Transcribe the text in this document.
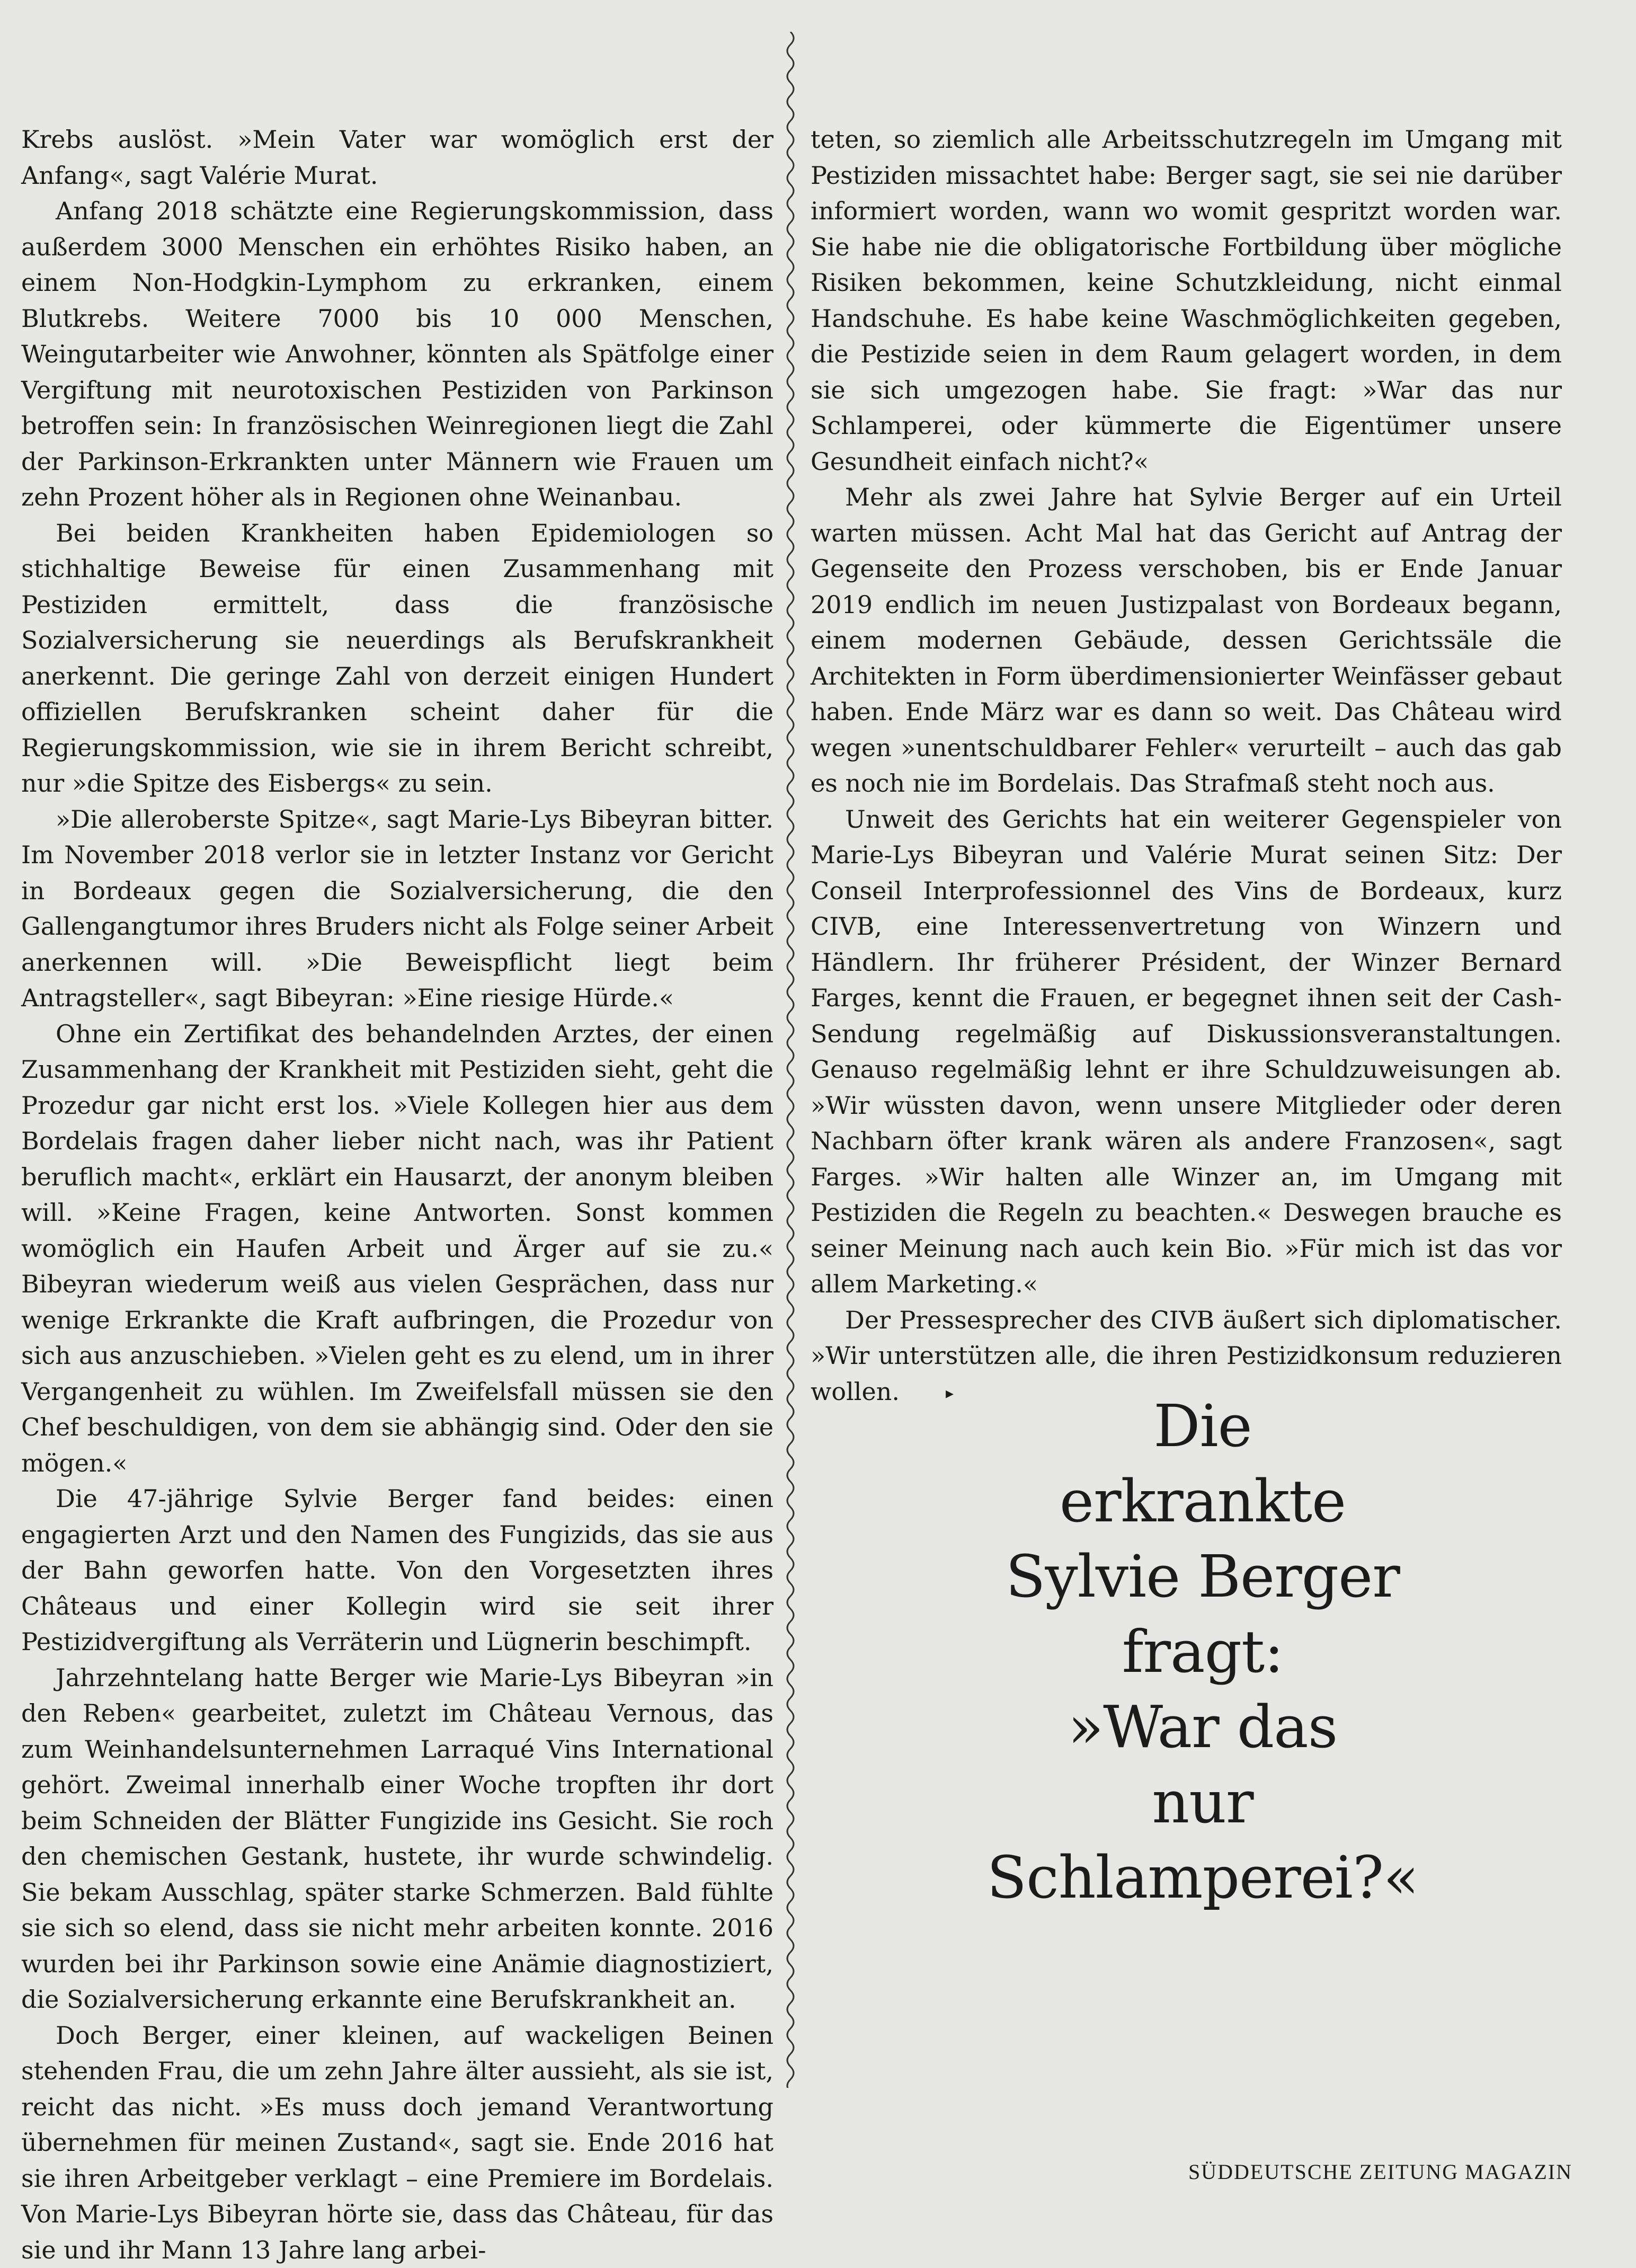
Krebs auslöst. »Mein Vater war womöglich erst der Anfang«, sagt Valérie Murat.

Anfang 2018 schätzte eine Regierungskommission, dass außerdem 3000 Menschen ein erhöhtes Risiko haben, an einem Non-Hodgkin-Lymphom zu erkranken, einem Blutkrebs. Weitere 7000 bis 10 000 Menschen, Weingutarbeiter wie Anwohner, könnten als Spätfolge einer Vergiftung mit neurotoxischen Pestiziden von Parkinson betroffen sein: In französischen Weinregionen liegt die Zahl der Parkinson-Erkrankten unter Männern wie Frauen um zehn Prozent höher als in Regionen ohne Weinanbau.

Bei beiden Krankheiten haben Epidemiologen so stichhaltige Beweise für einen Zusammenhang mit Pestiziden ermittelt, dass die französische Sozialversicherung sie neuerdings als Berufskrankheit anerkennt. Die geringe Zahl von derzeit einigen Hundert offiziellen Berufskranken scheint daher für die Regierungskommission, wie sie in ihrem Bericht schreibt, nur »die Spitze des Eisbergs« zu sein.

»Die alleroberste Spitze«, sagt Marie-Lys Bibeyran bitter. Im November 2018 verlor sie in letzter Instanz vor Gericht in Bordeaux gegen die Sozialversicherung, die den Gallengangtumor ihres Bruders nicht als Folge seiner Arbeit anerkennen will. »Die Beweispflicht liegt beim Antragsteller«, sagt Bibeyran: »Eine riesige Hürde.«

Ohne ein Zertifikat des behandelnden Arztes, der einen Zusammenhang der Krankheit mit Pestiziden sieht, geht die Prozedur gar nicht erst los. »Viele Kollegen hier aus dem Bordelais fragen daher lieber nicht nach, was ihr Patient beruflich macht«, erklärt ein Hausarzt, der anonym bleiben will. »Keine Fragen, keine Antworten. Sonst kommen womöglich ein Haufen Arbeit und Ärger auf sie zu.« Bibeyran wiederum weiß aus vielen Gesprächen, dass nur wenige Erkrankte die Kraft aufbringen, die Prozedur von sich aus anzuschieben. »Vielen geht es zu elend, um in ihrer Vergangenheit zu wühlen. Im Zweifelsfall müssen sie den Chef beschuldigen, von dem sie abhängig sind. Oder den sie mögen.«

Die 47-jährige Sylvie Berger fand beides: einen engagierten Arzt und den Namen des Fungizids, das sie aus der Bahn geworfen hatte. Von den Vorgesetzten ihres Châteaus und einer Kollegin wird sie seit ihrer Pestizidvergiftung als Verräterin und Lügnerin beschimpft.

Jahrzehntelang hatte Berger wie Marie-Lys Bibeyran »in den Reben« gearbeitet, zuletzt im Château Vernous, das zum Weinhandelsunternehmen Larraqué Vins International gehört. Zweimal innerhalb einer Woche tropften ihr dort beim Schneiden der Blätter Fungizide ins Gesicht. Sie roch den chemischen Gestank, hustete, ihr wurde schwindelig. Sie bekam Ausschlag, später starke Schmerzen. Bald fühlte sie sich so elend, dass sie nicht mehr arbeiten konnte. 2016 wurden bei ihr Parkinson sowie eine Anämie diagnostiziert, die Sozialversicherung erkannte eine Berufskrankheit an.

Doch Berger, einer kleinen, auf wackeligen Beinen stehenden Frau, die um zehn Jahre älter aussieht, als sie ist, reicht das nicht. »Es muss doch jemand Verantwortung übernehmen für meinen Zustand«, sagt sie. Ende 2016 hat sie ihren Arbeitgeber verklagt – eine Premiere im Bordelais. Von Marie-Lys Bibeyran hörte sie, dass das Château, für das sie und ihr Mann 13 Jahre lang arbei-

teten, so ziemlich alle Arbeitsschutzregeln im Umgang mit Pestiziden missachtet habe: Berger sagt, sie sei nie darüber informiert worden, wann wo womit gespritzt worden war. Sie habe nie die obligatorische Fortbildung über mögliche Risiken bekommen, keine Schutzkleidung, nicht einmal Handschuhe. Es habe keine Waschmöglichkeiten gegeben, die Pestizide seien in dem Raum gelagert worden, in dem sie sich umgezogen habe. Sie fragt: »War das nur Schlamperei, oder kümmerte die Eigentümer unsere Gesundheit einfach nicht?«

Mehr als zwei Jahre hat Sylvie Berger auf ein Urteil warten müssen. Acht Mal hat das Gericht auf Antrag der Gegenseite den Prozess verschoben, bis er Ende Januar 2019 endlich im neuen Justizpalast von Bordeaux begann, einem modernen Gebäude, dessen Gerichtssäle die Architekten in Form überdimensionierter Weinfässer gebaut haben. Ende März war es dann so weit. Das Château wird wegen »unentschuldbarer Fehler« verurteilt – auch das gab es noch nie im Bordelais. Das Strafmaß steht noch aus.

Unweit des Gerichts hat ein weiterer Gegenspieler von Marie-Lys Bibeyran und Valérie Murat seinen Sitz: Der Conseil Interprofessionnel des Vins de Bordeaux, kurz CIVB, eine Interessenvertretung von Winzern und Händlern. Ihr früherer Président, der Winzer Bernard Farges, kennt die Frauen, er begegnet ihnen seit der Cash-Sendung regelmäßig auf Diskussionsveranstaltungen. Genauso regelmäßig lehnt er ihre Schuldzuweisungen ab. »Wir wüssten davon, wenn unsere Mitglieder oder deren Nachbarn öfter krank wären als andere Franzosen«, sagt Farges. »Wir halten alle Winzer an, im Umgang mit Pestiziden die Regeln zu beachten.« Deswegen brauche es seiner Meinung nach auch kein Bio. »Für mich ist das vor allem Marketing.«

Der Pressesprecher des CIVB äußert sich diplomatischer. »Wir unterstützen alle, die ihren Pestizidkonsum reduzieren wollen.	▸	Die
erkrankte
Sylvie Berger
fragt:
»War das
nur
Schlamperei?«
SÜDDEUTSCHE ZEITUNG MAGAZIN
